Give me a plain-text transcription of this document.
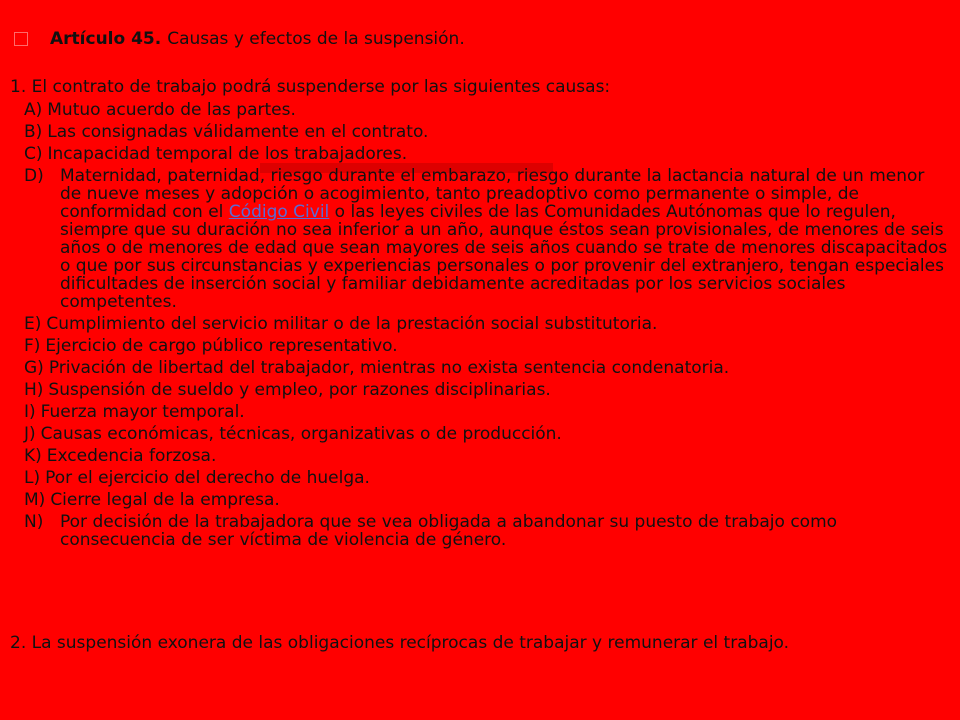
Artículo 45. Causas y efectos de la suspensión.
1. El contrato de trabajo podrá suspenderse por las siguientes causas:
A) Mutuo acuerdo de las partes.
B) Las consignadas válidamente en el contrato.
C) Incapacidad temporal de los trabajadores.
D) Maternidad, paternidad, riesgo durante el embarazo, riesgo durante la lactancia natural de un menor de nueve meses y adopción o acogimiento, tanto preadoptivo como permanente o simple, de conformidad con el Código Civil o las leyes civiles de las Comunidades Autónomas que lo regulen, siempre que su duración no sea inferior a un año, aunque éstos sean provisionales, de menores de seis años o de menores de edad que sean mayores de seis años cuando se trate de menores discapacitados o que por sus circunstancias y experiencias personales o por provenir del extranjero, tengan especiales dificultades de inserción social y familiar debidamente acreditadas por los servicios sociales competentes.
E) Cumplimiento del servicio militar o de la prestación social substitutoria.
F) Ejercicio de cargo público representativo.
G) Privación de libertad del trabajador, mientras no exista sentencia condenatoria.
H) Suspensión de sueldo y empleo, por razones disciplinarias.
I) Fuerza mayor temporal.
J) Causas económicas, técnicas, organizativas o de producción.
K) Excedencia forzosa.
L) Por el ejercicio del derecho de huelga.
M) Cierre legal de la empresa.
N) Por decisión de la trabajadora que se vea obligada a abandonar su puesto de trabajo como consecuencia de ser víctima de violencia de género.
2. La suspensión exonera de las obligaciones recíprocas de trabajar y remunerar el trabajo.
